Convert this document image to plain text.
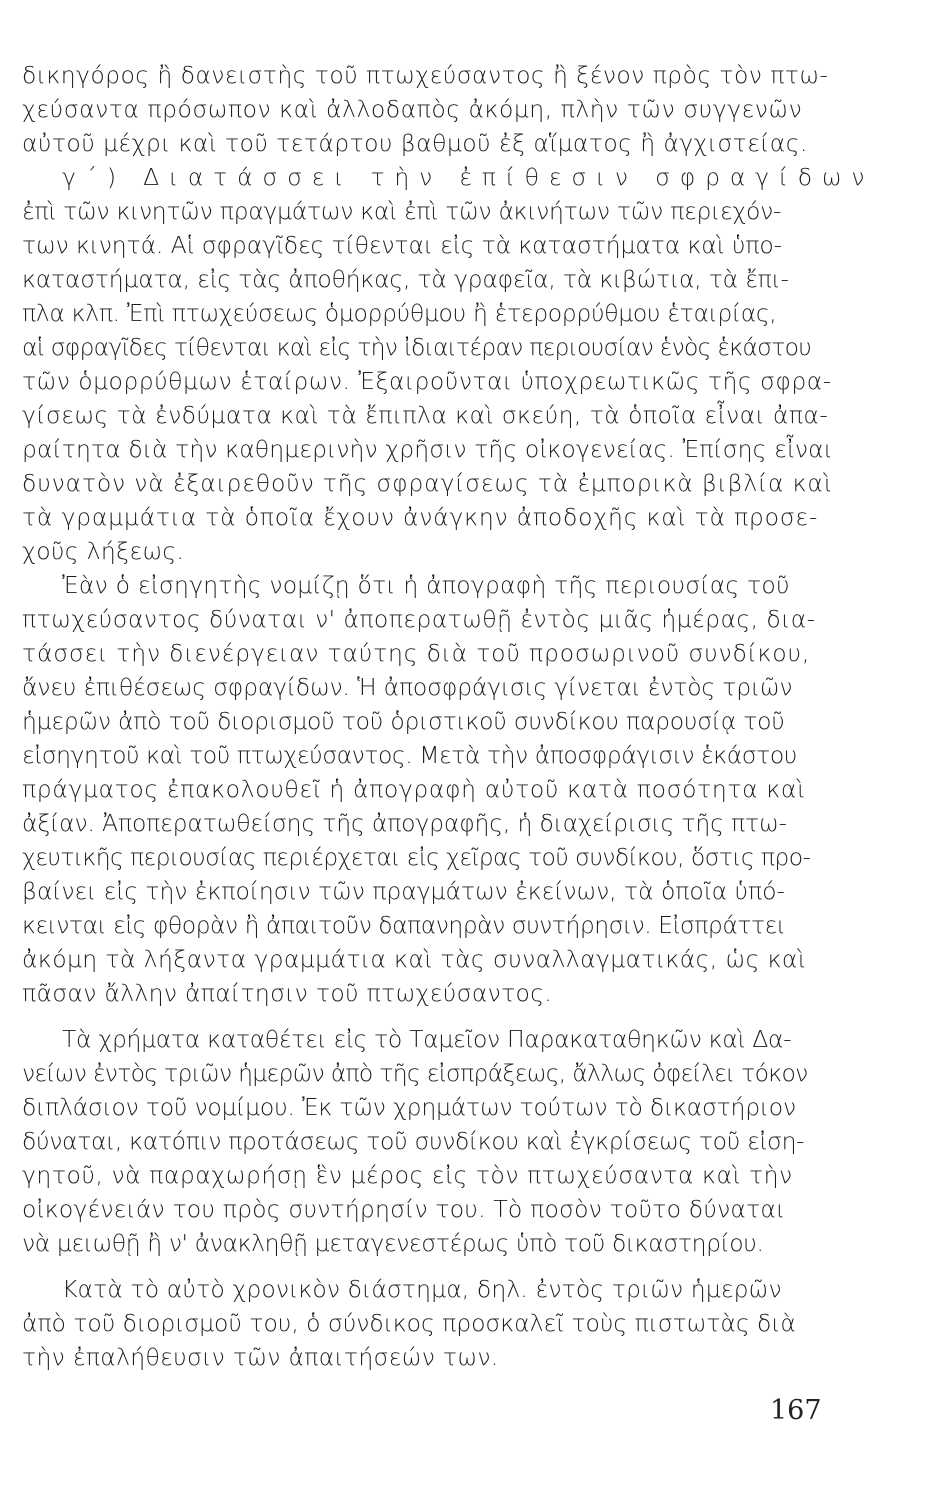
δικηγόρος ἢ δανειστὴς τοῦ πτωχεύσαντος ἢ ξένον πρὸς τὸν πτω-
χεύσαντα πρόσωπον καὶ ἀλλοδαπὸς ἀκόμη, πλὴν τῶν συγγενῶν
αὐτοῦ μέχρι καὶ τοῦ τετάρτου βαθμοῦ ἐξ αἵματος ἢ ἀγχιστείας.
γ΄) Διατάσσει τὴν ἐπίθεσιν σφραγίδων
ἐπὶ τῶν κινητῶν πραγμάτων καὶ ἐπὶ τῶν ἀκινήτων τῶν περιεχόν-
των κινητά. Αἱ σφραγῖδες τίθενται εἰς τὰ καταστήματα καὶ ὑπο-
καταστήματα, εἰς τὰς ἀποθήκας, τὰ γραφεῖα, τὰ κιβώτια, τὰ ἔπι-
πλα κλπ. Ἐπὶ πτωχεύσεως ὁμορρύθμου ἢ ἑτερορρύθμου ἑταιρίας,
αἱ σφραγῖδες τίθενται καὶ εἰς τὴν ἰδιαιτέραν περιουσίαν ἑνὸς ἑκάστου
τῶν ὁμορρύθμων ἑταίρων. Ἐξαιροῦνται ὑποχρεωτικῶς τῆς σφρα-
γίσεως τὰ ἐνδύματα καὶ τὰ ἔπιπλα καὶ σκεύη, τὰ ὁποῖα εἶναι ἀπα-
ραίτητα διὰ τὴν καθημερινὴν χρῆσιν τῆς οἰκογενείας. Ἐπίσης εἶναι
δυνατὸν νὰ ἐξαιρεθοῦν τῆς σφραγίσεως τὰ ἐμπορικὰ βιβλία καὶ
τὰ γραμμάτια τὰ ὁποῖα ἔχουν ἀνάγκην ἀποδοχῆς καὶ τὰ προσε-
χοῦς λήξεως.
Ἐὰν ὁ εἰσηγητὴς νομίζῃ ὅτι ἡ ἀπογραφὴ τῆς περιουσίας τοῦ
πτωχεύσαντος δύναται ν' ἀποπερατωθῇ ἐντὸς μιᾶς ἡμέρας, δια-
τάσσει τὴν διενέργειαν ταύτης διὰ τοῦ προσωρινοῦ συνδίκου,
ἄνευ ἐπιθέσεως σφραγίδων. Ἡ ἀποσφράγισις γίνεται ἐντὸς τριῶν
ἡμερῶν ἀπὸ τοῦ διορισμοῦ τοῦ ὁριστικοῦ συνδίκου παρουσίᾳ τοῦ
εἰσηγητοῦ καὶ τοῦ πτωχεύσαντος. Μετὰ τὴν ἀποσφράγισιν ἑκάστου
πράγματος ἐπακολουθεῖ ἡ ἀπογραφὴ αὐτοῦ κατὰ ποσότητα καὶ
ἀξίαν. Ἀποπερατωθείσης τῆς ἀπογραφῆς, ἡ διαχείρισις τῆς πτω-
χευτικῆς περιουσίας περιέρχεται εἰς χεῖρας τοῦ συνδίκου, ὅστις προ-
βαίνει εἰς τὴν ἐκποίησιν τῶν πραγμάτων ἐκείνων, τὰ ὁποῖα ὑπό-
κεινται εἰς φθορὰν ἢ ἀπαιτοῦν δαπανηρὰν συντήρησιν. Εἰσπράττει
ἀκόμη τὰ λήξαντα γραμμάτια καὶ τὰς συναλλαγματικάς, ὡς καὶ
πᾶσαν ἄλλην ἀπαίτησιν τοῦ πτωχεύσαντος.
Τὰ χρήματα καταθέτει εἰς τὸ Ταμεῖον Παρακαταθηκῶν καὶ Δα-
νείων ἐντὸς τριῶν ἡμερῶν ἀπὸ τῆς εἰσπράξεως, ἄλλως ὀφείλει τόκον
διπλάσιον τοῦ νομίμου. Ἐκ τῶν χρημάτων τούτων τὸ δικαστήριον
δύναται, κατόπιν προτάσεως τοῦ συνδίκου καὶ ἐγκρίσεως τοῦ εἰση-
γητοῦ, νὰ παραχωρήσῃ ἓν μέρος εἰς τὸν πτωχεύσαντα καὶ τὴν
οἰκογένειάν του πρὸς συντήρησίν του. Τὸ ποσὸν τοῦτο δύναται
νὰ μειωθῇ ἢ ν' ἀνακληθῇ μεταγενεστέρως ὑπὸ τοῦ δικαστηρίου.
Κατὰ τὸ αὐτὸ χρονικὸν διάστημα, δηλ. ἐντὸς τριῶν ἡμερῶν
ἀπὸ τοῦ διορισμοῦ του, ὁ σύνδικος προσκαλεῖ τοὺς πιστωτὰς διὰ
τὴν ἐπαλήθευσιν τῶν ἀπαιτήσεών των.
167
